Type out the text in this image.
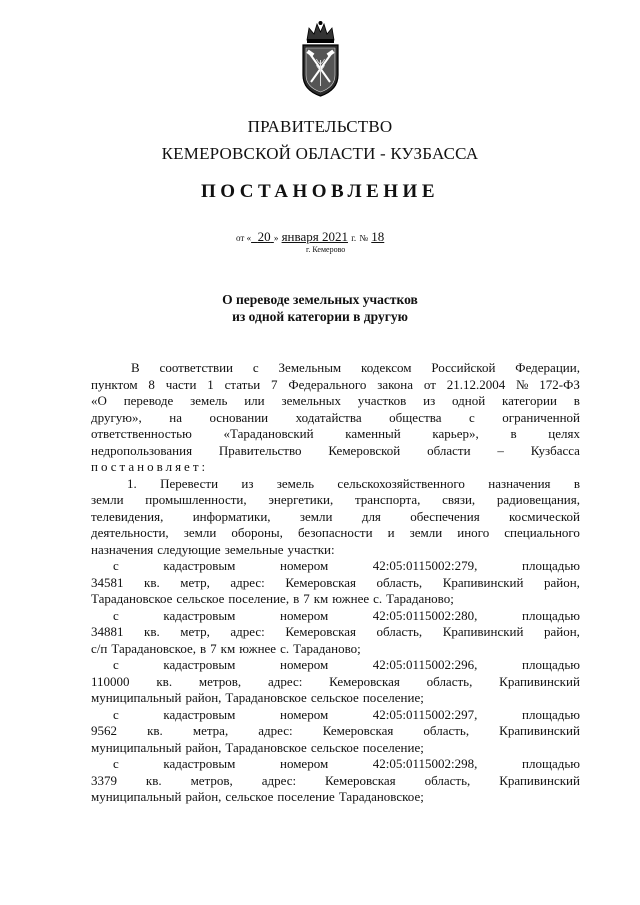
ПРАВИТЕЛЬСТВО
КЕМЕРОВСКОЙ ОБЛАСТИ - КУЗБАССА
ПОСТАНОВЛЕНИЕ
от « 20 » января 2021 г. № 18
г. Кемерово
О переводе земельных участков
из одной категории в другую
В соответствии с Земельным кодексом Российской Федерации,
пунктом 8 части 1 статьи 7 Федерального закона от 21.12.2004 № 172-ФЗ
«О переводе земель или земельных участков из одной категории в
другую», на основании ходатайства общества с ограниченной
ответственностью «Тарадановский каменный карьер», в целях
недропользования Правительство Кемеровской области – Кузбасса
постановляет:
1. Перевести из земель сельскохозяйственного назначения в
земли промышленности, энергетики, транспорта, связи, радиовещания,
телевидения, информатики, земли для обеспечения космической
деятельности, земли обороны, безопасности и земли иного специального
назначения следующие земельные участки:
с	кадастровым	номером	42:05:0115002:279,	площадью
34581 кв. метр, адрес: Кемеровская область, Крапивинский район,
Тарадановское сельское поселение, в 7 км южнее с. Тараданово;
с	кадастровым	номером	42:05:0115002:280,	площадью
34881 кв. метр, адрес: Кемеровская область, Крапивинский район,
с/п Тарадановское, в 7 км южнее с. Тараданово;
с	кадастровым	номером	42:05:0115002:296,	площадью
110000 кв. метров, адрес: Кемеровская область, Крапивинский
муниципальный район, Тарадановское сельское поселение;
с	кадастровым	номером	42:05:0115002:297,	площадью
9562 кв. метра, адрес: Кемеровская область, Крапивинский
муниципальный район, Тарадановское сельское поселение;
с	кадастровым	номером	42:05:0115002:298,	площадью
3379 кв. метров, адрес: Кемеровская область, Крапивинский
муниципальный район, сельское поселение Тарадановское;
